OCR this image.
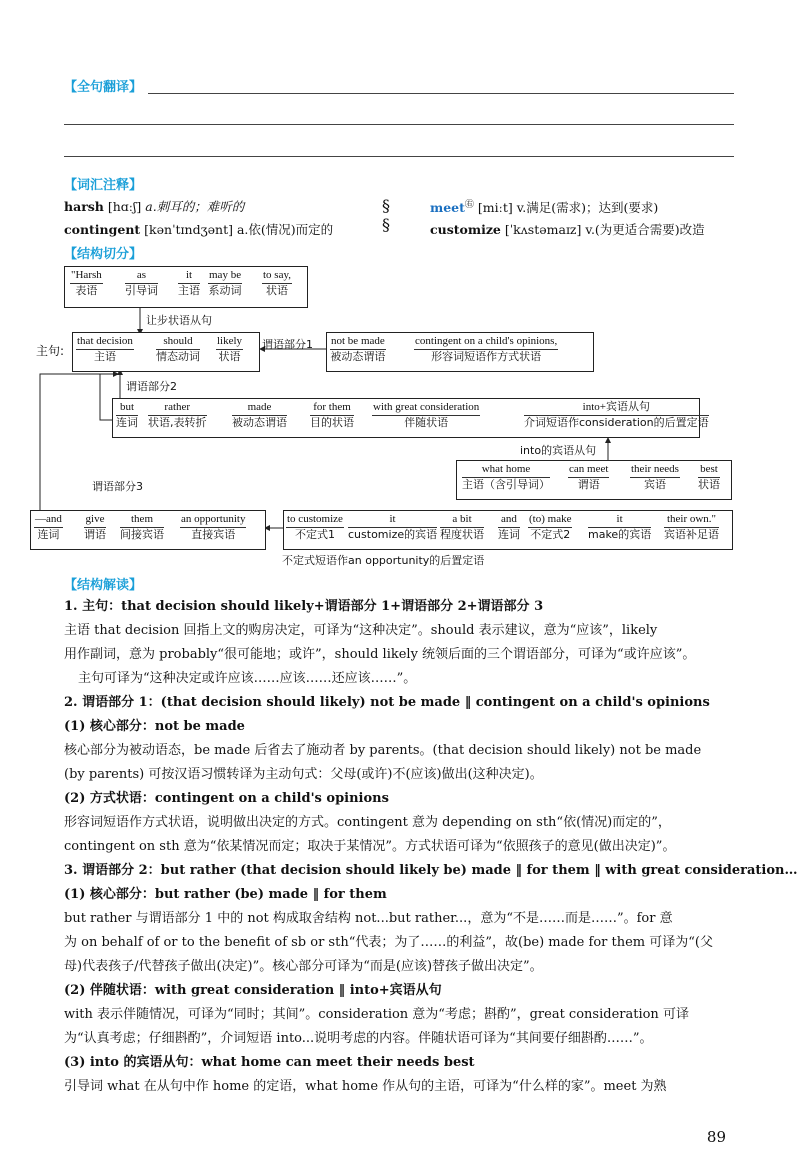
【全句翻译】
【词汇注释】
harsh [hɑːʃ] a.刺耳的；难听的
contingent [kənˈtɪndʒənt] a.依(情况)而定的
§
§
meet㊨ [miːt] v.满足(需求)；达到(要求)
customize [ˈkʌstəmaɪz] v.(为更适合需要)改造
【结构切分】
"Harsh
表语
as
引导词
it
主语
may be
系动词
to say,
状语
让步状语从句
主句:
that decision
主语
should
情态动词
likely
状语
谓语部分1 not be made
被动态谓语
contingent on a child's opinions,
形容词短语作方式状语
谓语部分2
but
连词
rather
状语,表转折
made
被动态谓语
for them
目的状语
with great consideration
伴随状语
into+宾语从句
介词短语作consideration的后置定语
into的宾语从句
what home
主语（含引导词）
can meet
谓语
their needs
宾语
best
状语
谓语部分3
—and
连词
give
谓语
them
间接宾语
an opportunity
直接宾语
to customize
不定式1
it
customize的宾语
a bit
程度状语
and
连词
(to) make
不定式2
it
make的宾语
their own."
宾语补足语
不定式短语作an opportunity的后置定语
【结构解读】
1. 主句：that decision should likely+谓语部分 1+谓语部分 2+谓语部分 3
主语 that decision 回指上文的购房决定，可译为“这种决定”。should 表示建议，意为“应该”，likely
用作副词，意为 probably“很可能地；或许”，should likely 统领后面的三个谓语部分，可译为“或许应该”。
主句可译为“这种决定或许应该……应该……还应该……”。
2. 谓语部分 1：(that decision should likely) not be made ‖ contingent on a child's opinions
(1) 核心部分：not be made
核心部分为被动语态，be made 后省去了施动者 by parents。(that decision should likely) not be made
(by parents) 可按汉语习惯转译为主动句式：父母(或许)不(应该)做出(这种决定)。
(2) 方式状语：contingent on a child's opinions
形容词短语作方式状语，说明做出决定的方式。contingent 意为 depending on sth“依(情况)而定的”，
contingent on sth 意为“依某情况而定；取决于某情况”。方式状语可译为“依照孩子的意见(做出决定)”。
3. 谓语部分 2：but rather (that decision should likely be) made ‖ for them ‖ with great consideration…
(1) 核心部分：but rather (be) made ‖ for them
but rather 与谓语部分 1 中的 not 构成取舍结构 not...but rather...，意为“不是……而是……”。for 意
为 on behalf of or to the benefit of sb or sth“代表；为了……的利益”，故(be) made for them 可译为“(父
母)代表孩子/代替孩子做出(决定)”。核心部分可译为“而是(应该)替孩子做出决定”。
(2) 伴随状语：with great consideration ‖ into+宾语从句
with 表示伴随情况，可译为“同时；其间”。consideration 意为“考虑；斟酌”，great consideration 可译
为“认真考虑；仔细斟酌”，介词短语 into...说明考虑的内容。伴随状语可译为“其间要仔细斟酌……”。
(3) into 的宾语从句：what home can meet their needs best
引导词 what 在从句中作 home 的定语，what home 作从句的主语，可译为“什么样的家”。meet 为熟
89
